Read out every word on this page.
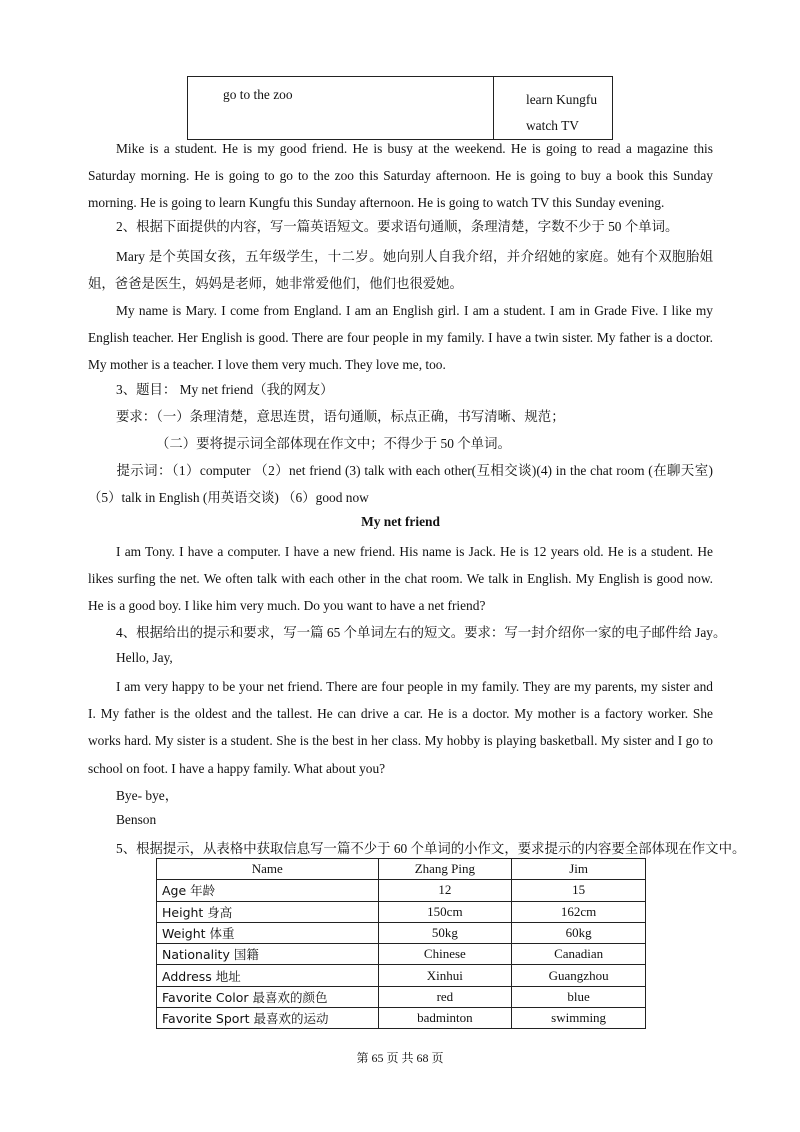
go to the zoo	learn Kungfu
watch TV
Mike is a student. He is my good friend. He is busy at the weekend. He is going to read a magazine this Saturday morning. He is going to go to the zoo this Saturday afternoon. He is going to buy a book this Sunday morning. He is going to learn Kungfu this Sunday afternoon. He is going to watch TV this Sunday evening.
2、根据下面提供的内容，写一篇英语短文。要求语句通顺，条理清楚，字数不少于 50 个单词。
Mary 是个英国女孩，五年级学生，十二岁。她向别人自我介绍，并介绍她的家庭。她有个双胞胎姐姐，爸爸是医生，妈妈是老师，她非常爱他们，他们也很爱她。
My name is Mary. I come from England. I am an English girl. I am a student. I am in Grade Five. I like my English teacher. Her English is good. There are four people in my family. I have a twin sister. My father is a doctor. My mother is a teacher. I love them very much. They love me, too.
3、题目： My net friend（我的网友）
要求：（一）条理清楚，意思连贯，语句通顺，标点正确，书写清晰、规范；
（二）要将提示词全部体现在作文中；不得少于 50 个单词。
提示词：（1）computer （2）net friend (3) talk with each other(互相交谈)(4) in the chat room (在聊天室) （5）talk in English (用英语交谈) （6）good now
My net friend
I am Tony. I have a computer. I have a new friend. His name is Jack. He is 12 years old. He is a student. He likes surfing the net. We often talk with each other in the chat room. We talk in English. My English is good now. He is a good boy. I like him very much. Do you want to have a net friend?
4、根据给出的提示和要求，写一篇 65 个单词左右的短文。要求：写一封介绍你一家的电子邮件给 Jay。
Hello, Jay,
I am very happy to be your net friend. There are four people in my family. They are my parents, my sister and I. My father is the oldest and the tallest. He can drive a car. He is a doctor. My mother is a factory worker. She works hard. My sister is a student. She is the best in her class. My hobby is playing basketball. My sister and I go to school on foot. I have a happy family. What about you?
Bye- bye，
Benson
5、根据提示，从表格中获取信息写一篇不少于 60 个单词的小作文，要求提示的内容要全部体现在作文中。
Name	Zhang Ping	Jim
Age 年龄	12	15
Height 身高	150cm	162cm
Weight 体重	50kg	60kg
Nationality 国籍	Chinese	Canadian
Address 地址	Xinhui	Guangzhou
Favorite Color 最喜欢的颜色	red	blue
Favorite Sport 最喜欢的运动	badminton	swimming
第 65 页 共 68 页
